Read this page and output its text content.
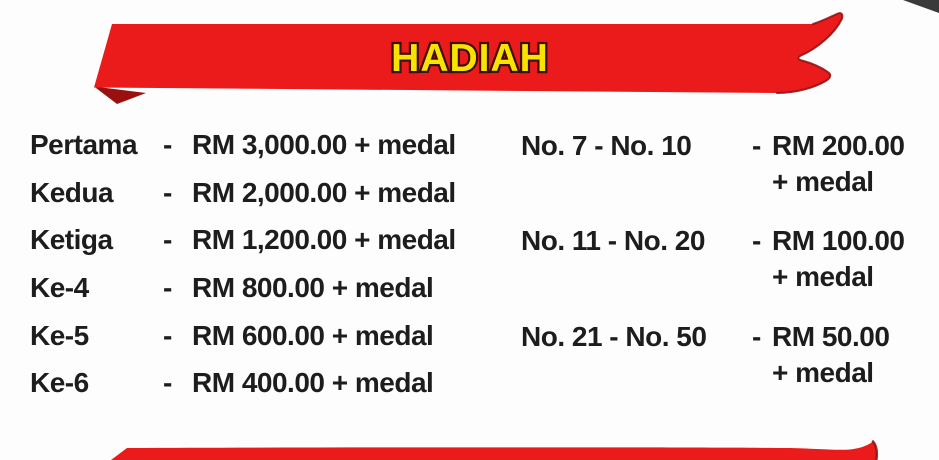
HADIAH
Pertama - RM 3,000.00 + medal
Kedua	- RM 2,000.00 + medal
Ketiga	- RM 1,200.00 + medal
Ke-4	- RM 800.00 + medal
Ke-5	- RM 600.00 + medal
Ke-6	- RM 400.00 + medal
No. 7 - No. 10	- RM 200.00
+ medal
No. 11 - No. 20	- RM 100.00
+ medal
No. 21 - No. 50	- RM 50.00
+ medal
